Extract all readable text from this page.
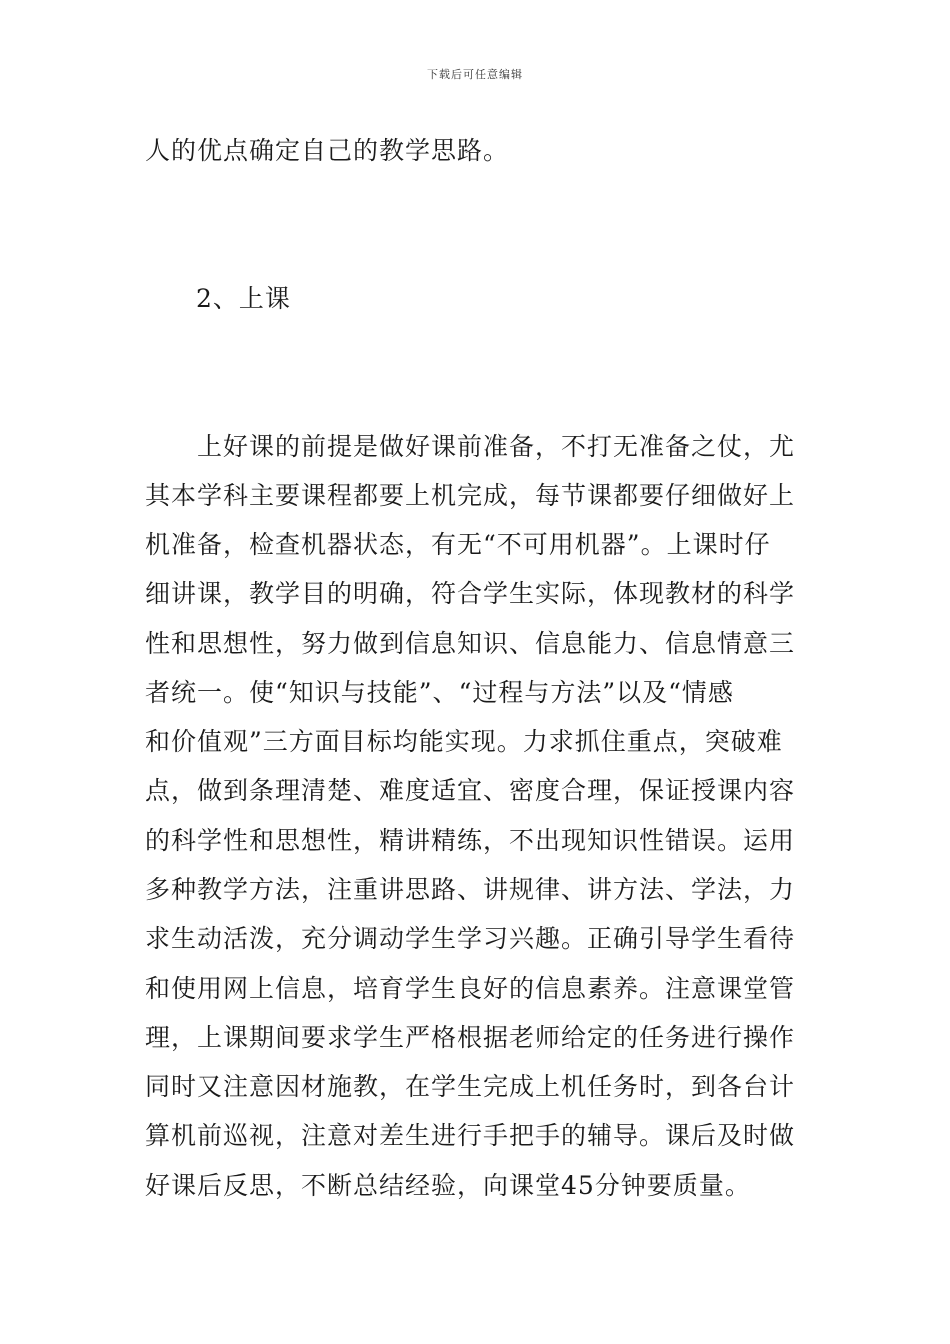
下载后可任意编辑
人的优点确定自己的教学思路。
2、上课
　　上好课的前提是做好课前准备，不打无准备之仗，尤
其本学科主要课程都要上机完成，每节课都要仔细做好上
机准备，检查机器状态，有无“不可用机器”。上课时仔
细讲课，教学目的明确，符合学生实际，体现教材的科学
性和思想性，努力做到信息知识、信息能力、信息情意三
者统一。使“知识与技能”、“过程与方法”以及“情感
和价值观”三方面目标均能实现。力求抓住重点，突破难
点，做到条理清楚、难度适宜、密度合理，保证授课内容
的科学性和思想性，精讲精练，不出现知识性错误。运用
多种教学方法，注重讲思路、讲规律、讲方法、学法，力
求生动活泼，充分调动学生学习兴趣。正确引导学生看待
和使用网上信息，培育学生良好的信息素养。注意课堂管
理，上课期间要求学生严格根据老师给定的任务进行操作
同时又注意因材施教，在学生完成上机任务时，到各台计
算机前巡视，注意对差生进行手把手的辅导。课后及时做
好课后反思，不断总结经验，向课堂45分钟要质量。
